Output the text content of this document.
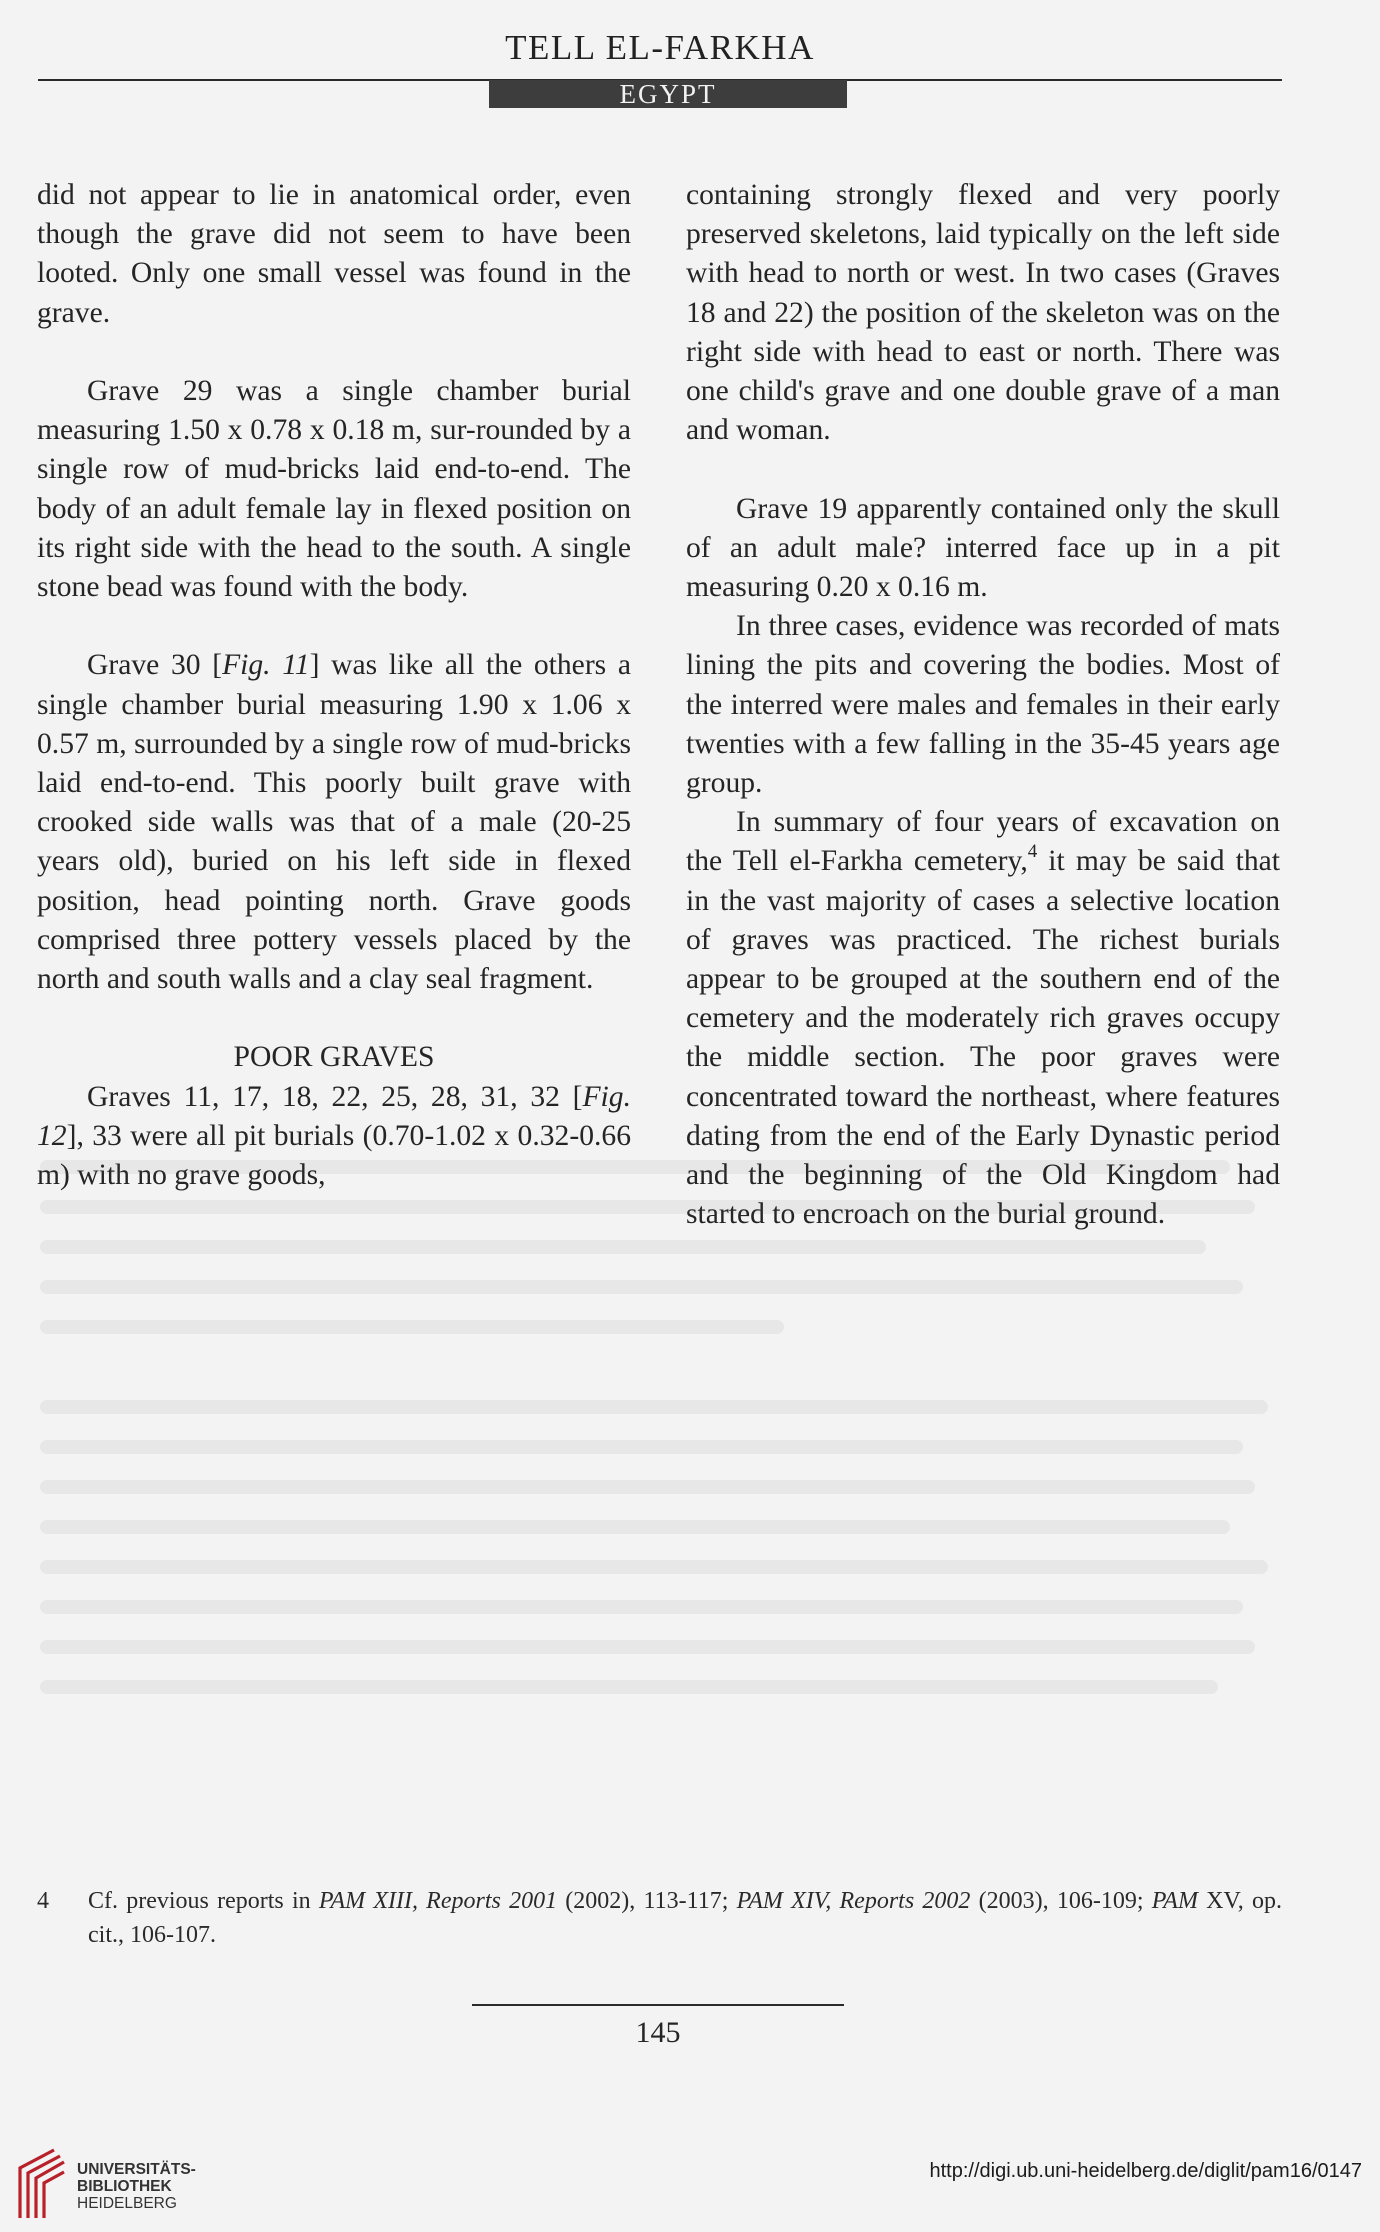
TELL EL-FARKHA
EGYPT

did not appear to lie in anatomical order, even though the grave did not seem to have been looted. Only one small vessel was found in the grave.

Grave 29 was a single chamber burial measuring 1.50 x 0.78 x 0.18 m, sur-rounded by a single row of mud-bricks laid end-to-end. The body of an adult female lay in flexed position on its right side with the head to the south. A single stone bead was found with the body.

Grave 30 [Fig. 11] was like all the others a single chamber burial measuring 1.90 x 1.06 x 0.57 m, surrounded by a single row of mud-bricks laid end-to-end. This poorly built grave with crooked side walls was that of a male (20-25 years old), buried on his left side in flexed position, head pointing north. Grave goods comprised three pottery vessels placed by the north and south walls and a clay seal fragment.

POOR GRAVES

Graves 11, 17, 18, 22, 25, 28, 31, 32 [Fig. 12], 33 were all pit burials (0.70-1.02 x 0.32-0.66 m) with no grave goods,

containing strongly flexed and very poorly preserved skeletons, laid typically on the left side with head to north or west. In two cases (Graves 18 and 22) the position of the skeleton was on the right side with head to east or north. There was one child's grave and one double grave of a man and woman.

Grave 19 apparently contained only the skull of an adult male? interred face up in a pit measuring 0.20 x 0.16 m.

In three cases, evidence was recorded of mats lining the pits and covering the bodies. Most of the interred were males and females in their early twenties with a few falling in the 35-45 years age group.

In summary of four years of excavation on the Tell el-Farkha cemetery,$^4$ it may be said that in the vast majority of cases a selective location of graves was practiced. The richest burials appear to be grouped at the southern end of the cemetery and the moderately rich graves occupy the middle section. The poor graves were concentrated toward the northeast, where features dating from the end of the Early Dynastic period and the beginning of the Old Kingdom had started to encroach on the burial ground.

4	Cf. previous reports in PAM XIII, Reports 2001 (2002), 113-117; PAM XIV, Reports 2002 (2003), 106-109; PAM XV, op. cit., 106-107.
145
UNIVERSITÄTS-
BIBLIOTHEK
HEIDELBERG
http://digi.ub.uni-heidelberg.de/diglit/pam16/0147
